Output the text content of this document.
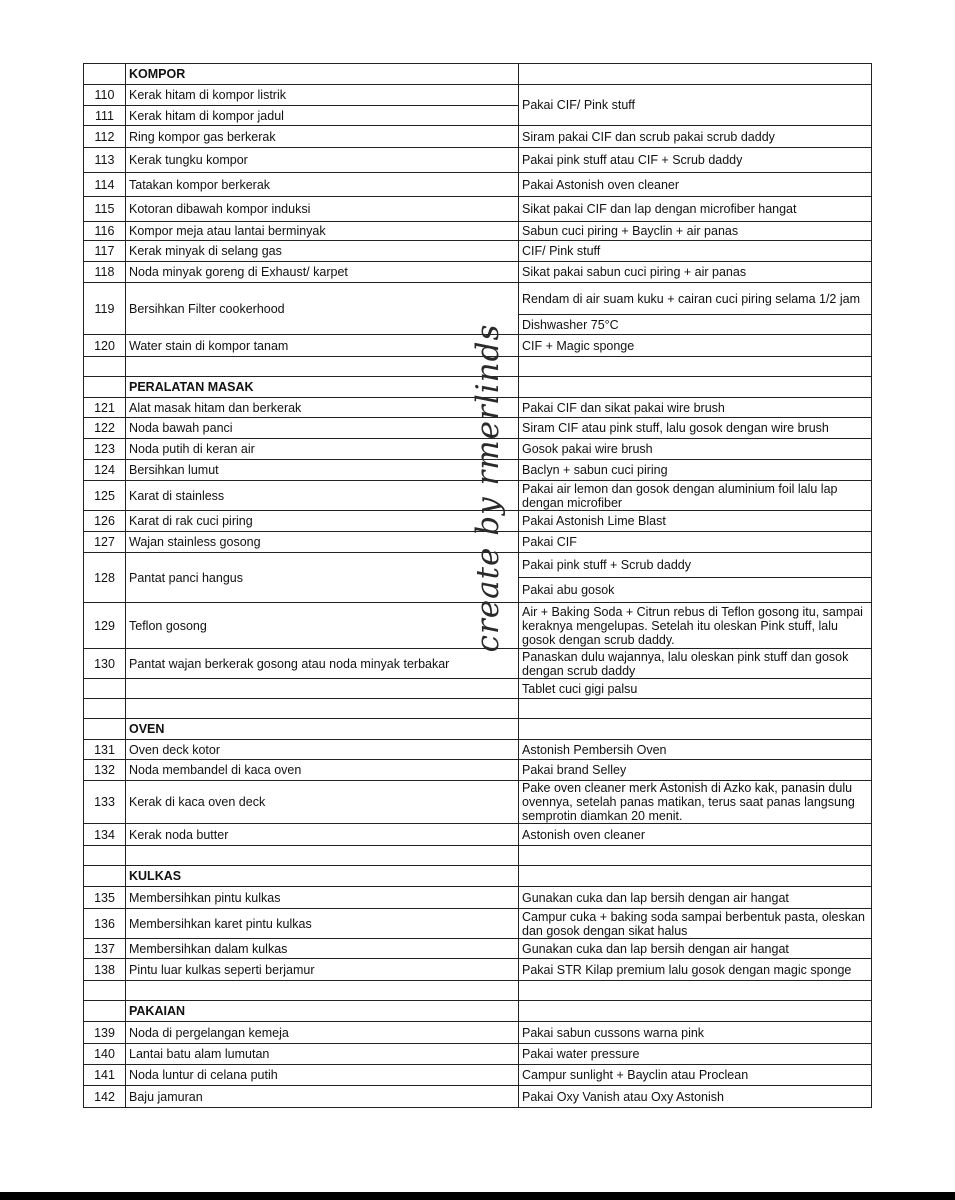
	KOMPOR	
110	Kerak hitam di kompor listrik	Pakai CIF/ Pink stuff
111	Kerak hitam di kompor jadul	
112	Ring kompor gas berkerak	Siram pakai CIF dan scrub pakai scrub daddy
113	Kerak tungku kompor	Pakai pink stuff atau CIF + Scrub daddy
114	Tatakan kompor berkerak	Pakai Astonish oven cleaner
115	Kotoran dibawah kompor induksi	Sikat pakai CIF dan lap dengan microfiber hangat
116	Kompor meja atau lantai berminyak	Sabun cuci piring + Bayclin + air panas
117	Kerak minyak di selang gas	CIF/ Pink stuff
118	Noda minyak goreng di Exhaust/ karpet	Sikat pakai sabun cuci piring + air panas
119	Bersihkan Filter cookerhood	Rendam di air suam kuku + cairan cuci piring selama 1/2 jam
		Dishwasher 75°C
120	Water stain di kompor tanam	CIF + Magic sponge

	PERALATAN MASAK	
121	Alat masak hitam dan berkerak	Pakai CIF dan sikat pakai wire brush
122	Noda bawah panci	Siram CIF atau pink stuff, lalu gosok dengan wire brush
123	Noda putih di keran air	Gosok pakai wire brush
124	Bersihkan lumut	Baclyn + sabun cuci piring
125	Karat di stainless	Pakai air lemon dan gosok dengan aluminium foil lalu lap dengan microfiber
126	Karat di rak cuci piring	Pakai Astonish Lime Blast
127	Wajan stainless gosong	Pakai CIF
128	Pantat panci hangus	Pakai pink stuff + Scrub daddy
		Pakai abu gosok
129	Teflon gosong	Air + Baking Soda + Citrun rebus di Teflon gosong itu, sampai keraknya mengelupas. Setelah itu oleskan Pink stuff, lalu gosok dengan scrub daddy.
130	Pantat wajan berkerak gosong atau noda minyak terbakar	Panaskan dulu wajannya, lalu oleskan pink stuff dan gosok dengan scrub daddy
		Tablet cuci gigi palsu

	OVEN	
131	Oven deck kotor	Astonish Pembersih Oven
132	Noda membandel di kaca oven	Pakai brand Selley
133	Kerak di kaca oven deck	Pake oven cleaner merk Astonish di Azko kak, panasin dulu ovennya, setelah panas matikan, terus saat panas langsung semprotin diamkan 20 menit.
134	Kerak noda butter	Astonish oven cleaner

	KULKAS	
135	Membersihkan pintu kulkas	Gunakan cuka dan lap bersih dengan air hangat
136	Membersihkan karet pintu kulkas	Campur cuka + baking soda sampai berbentuk pasta, oleskan dan gosok dengan sikat halus
137	Membersihkan dalam kulkas	Gunakan cuka dan lap bersih dengan air hangat
138	Pintu luar kulkas seperti berjamur	Pakai STR Kilap premium lalu gosok dengan magic sponge

	PAKAIAN	
139	Noda di pergelangan kemeja	Pakai sabun cussons warna pink
140	Lantai batu alam lumutan	Pakai water pressure
141	Noda luntur di celana putih	Campur sunlight + Bayclin atau Proclean
142	Baju jamuran	Pakai Oxy Vanish atau Oxy Astonish
create by rmerlinds
